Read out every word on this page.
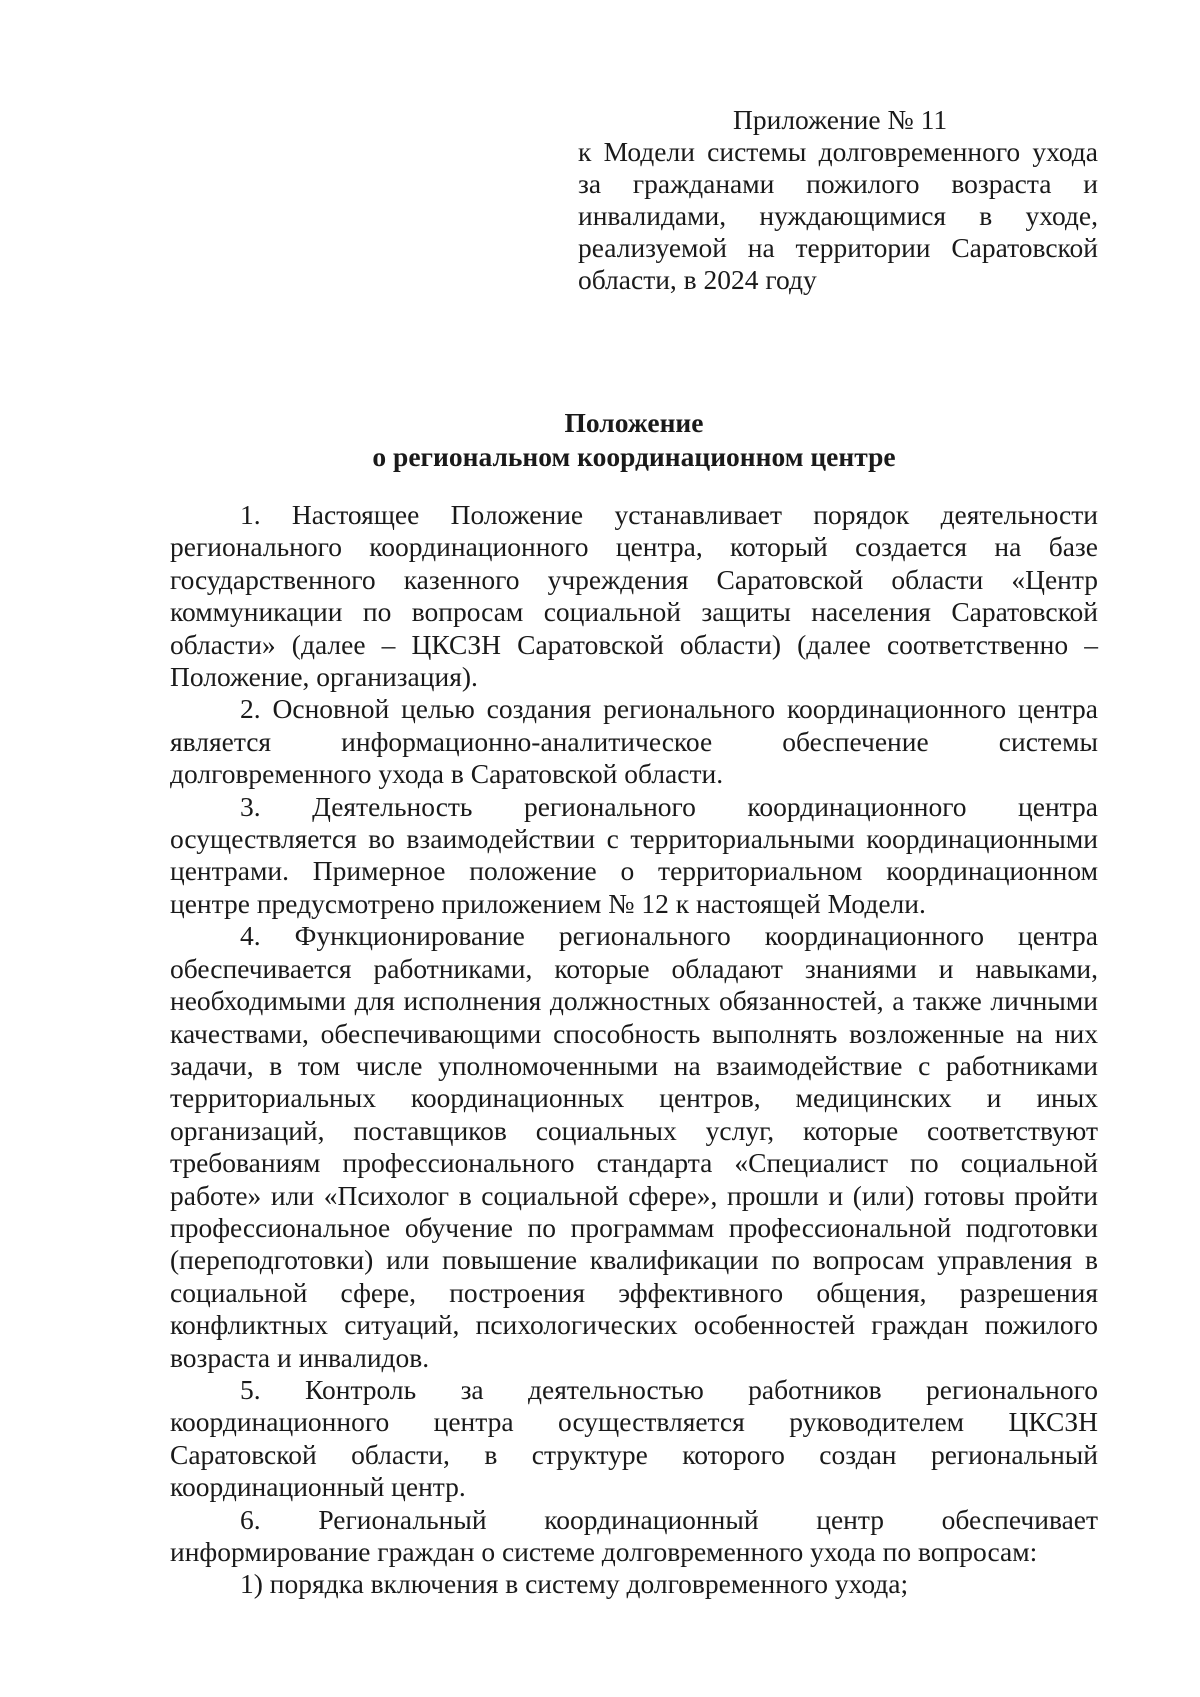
Приложение № 11

к Модели системы долговременного ухода за гражданами пожилого возраста и инвалидами, нуждающимися в уходе, реализуемой на территории Саратовской области, в 2024 году

Положение
о региональном координационном центре

1. Настоящее Положение устанавливает порядок деятельности регионального координационного центра, который создается на базе государственного казенного учреждения Саратовской области «Центр коммуникации по вопросам социальной защиты населения Саратовской области» (далее – ЦКСЗН Саратовской области) (далее соответственно – Положение, организация).

2. Основной целью создания регионального координационного центра является информационно-аналитическое обеспечение системы долговременного ухода в Саратовской области.

3. Деятельность регионального координационного центра осуществляется во взаимодействии с территориальными координационными центрами. Примерное положение о территориальном координационном центре предусмотрено приложением № 12 к настоящей Модели.

4. Функционирование регионального координационного центра обеспечивается работниками, которые обладают знаниями и навыками, необходимыми для исполнения должностных обязанностей, а также личными качествами, обеспечивающими способность выполнять возложенные на них задачи, в том числе уполномоченными на взаимодействие с работниками территориальных координационных центров, медицинских и иных организаций, поставщиков социальных услуг, которые соответствуют требованиям профессионального стандарта «Специалист по социальной работе» или «Психолог в социальной сфере», прошли и (или) готовы пройти профессиональное обучение по программам профессиональной подготовки (переподготовки) или повышение квалификации по вопросам управления в социальной сфере, построения эффективного общения, разрешения конфликтных ситуаций, психологических особенностей граждан пожилого возраста и инвалидов.

5. Контроль за деятельностью работников регионального координационного центра осуществляется руководителем ЦКСЗН Саратовской области, в структуре которого создан региональный координационный центр.

6. Региональный координационный центр обеспечивает информирование граждан о системе долговременного ухода по вопросам:

1) порядка включения в систему долговременного ухода;
